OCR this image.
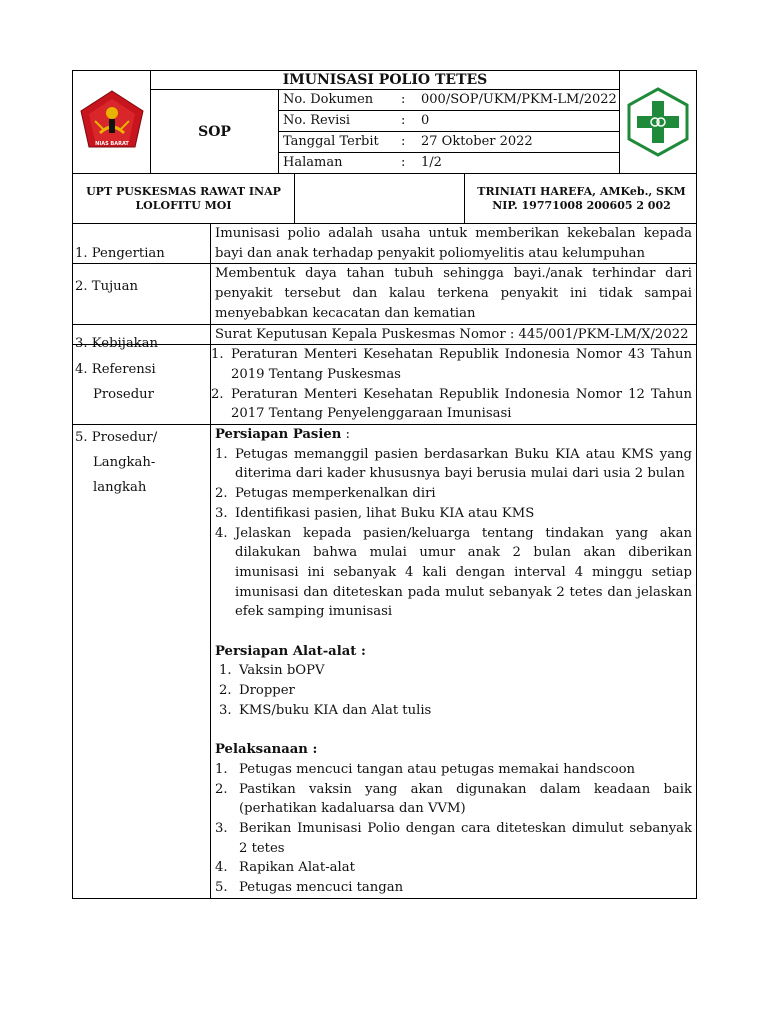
NIAS BARAT
IMUNISASI POLIO TETES
SOP
No. Dokumen : 000/SOP/UKM/PKM-LM/2022
No. Revisi	: 0
Tanggal Terbit : 27 Oktober 2022
Halaman	: 1/2
UPT PUSKESMAS RAWAT INAP
LOLOFITU MOI
TRINIATI HAREFA, AMKeb., SKM
NIP. 19771008 200605 2 002
1. Pengertian
Imunisasi polio adalah usaha untuk memberikan kekebalan kepada bayi dan anak terhadap penyakit poliomyelitis atau kelumpuhan
2. Tujuan
Membentuk daya tahan tubuh sehingga bayi./anak terhindar dari penyakit tersebut dan kalau terkena penyakit ini tidak sampai menyebabkan kecacatan dan kematian
3. Kebijakan
Surat Keputusan Kepala Puskesmas Nomor : 445/001/PKM-LM/X/2022
4. Referensi
Prosedur
1. Peraturan Menteri Kesehatan Republik Indonesia Nomor 43 Tahun 2019 Tentang Puskesmas
2. Peraturan Menteri Kesehatan Republik Indonesia Nomor 12 Tahun 2017 Tentang Penyelenggaraan Imunisasi
5. Prosedur/
Langkah-
langkah
Persiapan Pasien :
1. Petugas memanggil pasien berdasarkan Buku KIA atau KMS yang diterima dari kader khususnya bayi berusia mulai dari usia 2 bulan
2. Petugas memperkenalkan diri
3. Identifikasi pasien, lihat Buku KIA atau KMS
4. Jelaskan kepada pasien/keluarga tentang tindakan yang akan dilakukan bahwa mulai umur anak 2 bulan akan diberikan imunisasi ini sebanyak 4 kali dengan interval 4 minggu setiap imunisasi dan diteteskan pada mulut sebanyak 2 tetes dan jelaskan efek samping imunisasi
Persiapan Alat-alat :
1. Vaksin bOPV
2. Dropper
3. KMS/buku KIA dan Alat tulis
Pelaksanaan :
1. Petugas mencuci tangan atau petugas memakai handscoon
2. Pastikan vaksin yang akan digunakan dalam keadaan baik (perhatikan kadaluarsa dan VVM)
3. Berikan Imunisasi Polio dengan cara diteteskan dimulut sebanyak 2 tetes
4. Rapikan Alat-alat
5. Petugas mencuci tangan
